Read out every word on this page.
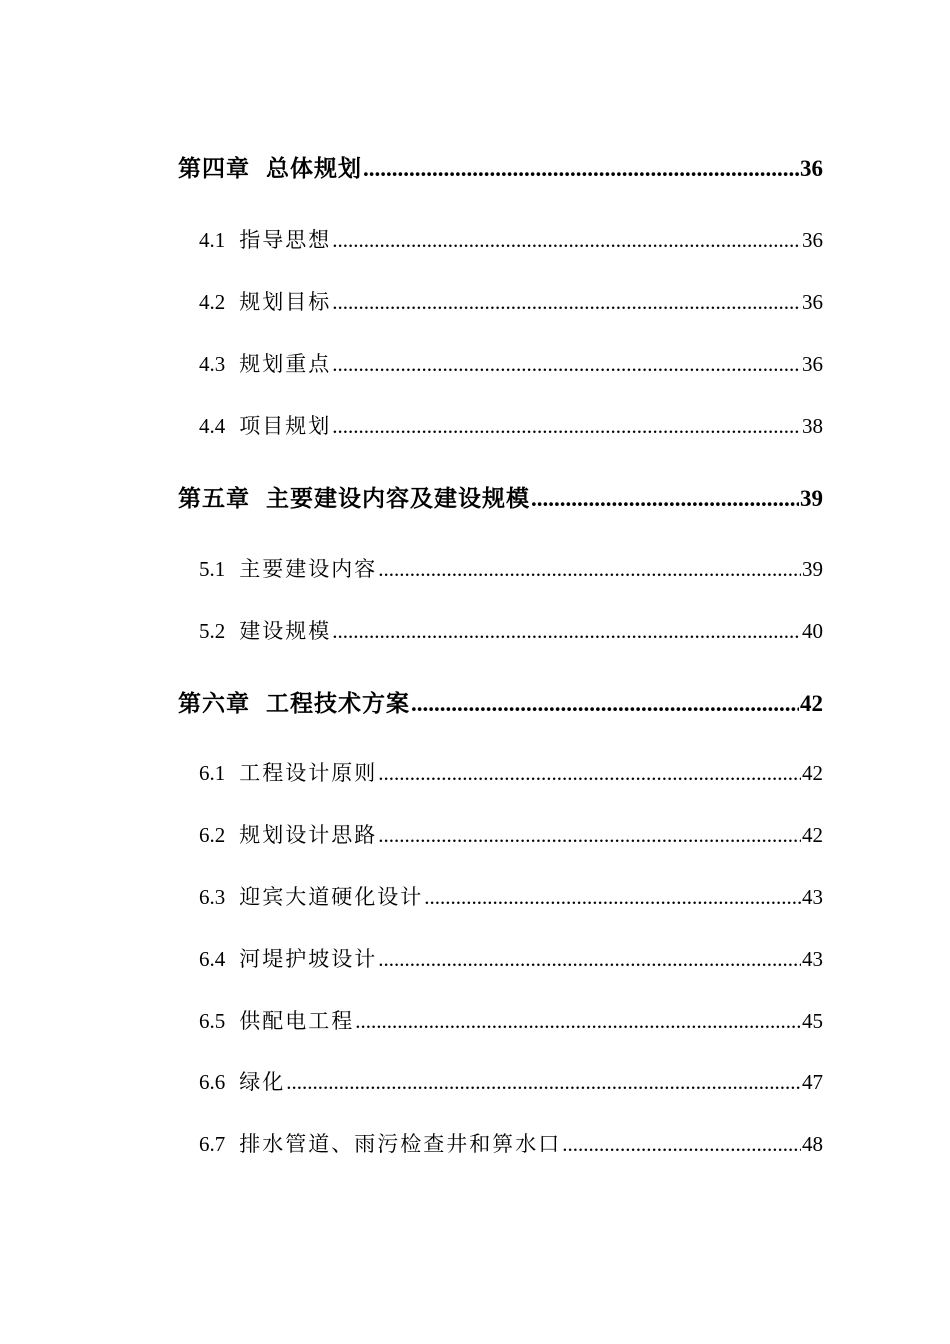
第四章 总体规划 .....	36
4.1 指导思想 .....	36
4.2 规划目标 .....	36
4.3 规划重点 .....	36
4.4 项目规划 .....	38
第五章 主要建设内容及建设规模 .....	39
5.1 主要建设内容 .....	39
5.2 建设规模 .....	40
第六章 工程技术方案 .....	42
6.1 工程设计原则 .....	42
6.2 规划设计思路 .....	42
6.3 迎宾大道硬化设计 .....	43
6.4 河堤护坡设计 .....	43
6.5 供配电工程 .....	45
6.6 绿化 .....	47
6.7 排水管道、雨污检查井和箅水口 .....	48
